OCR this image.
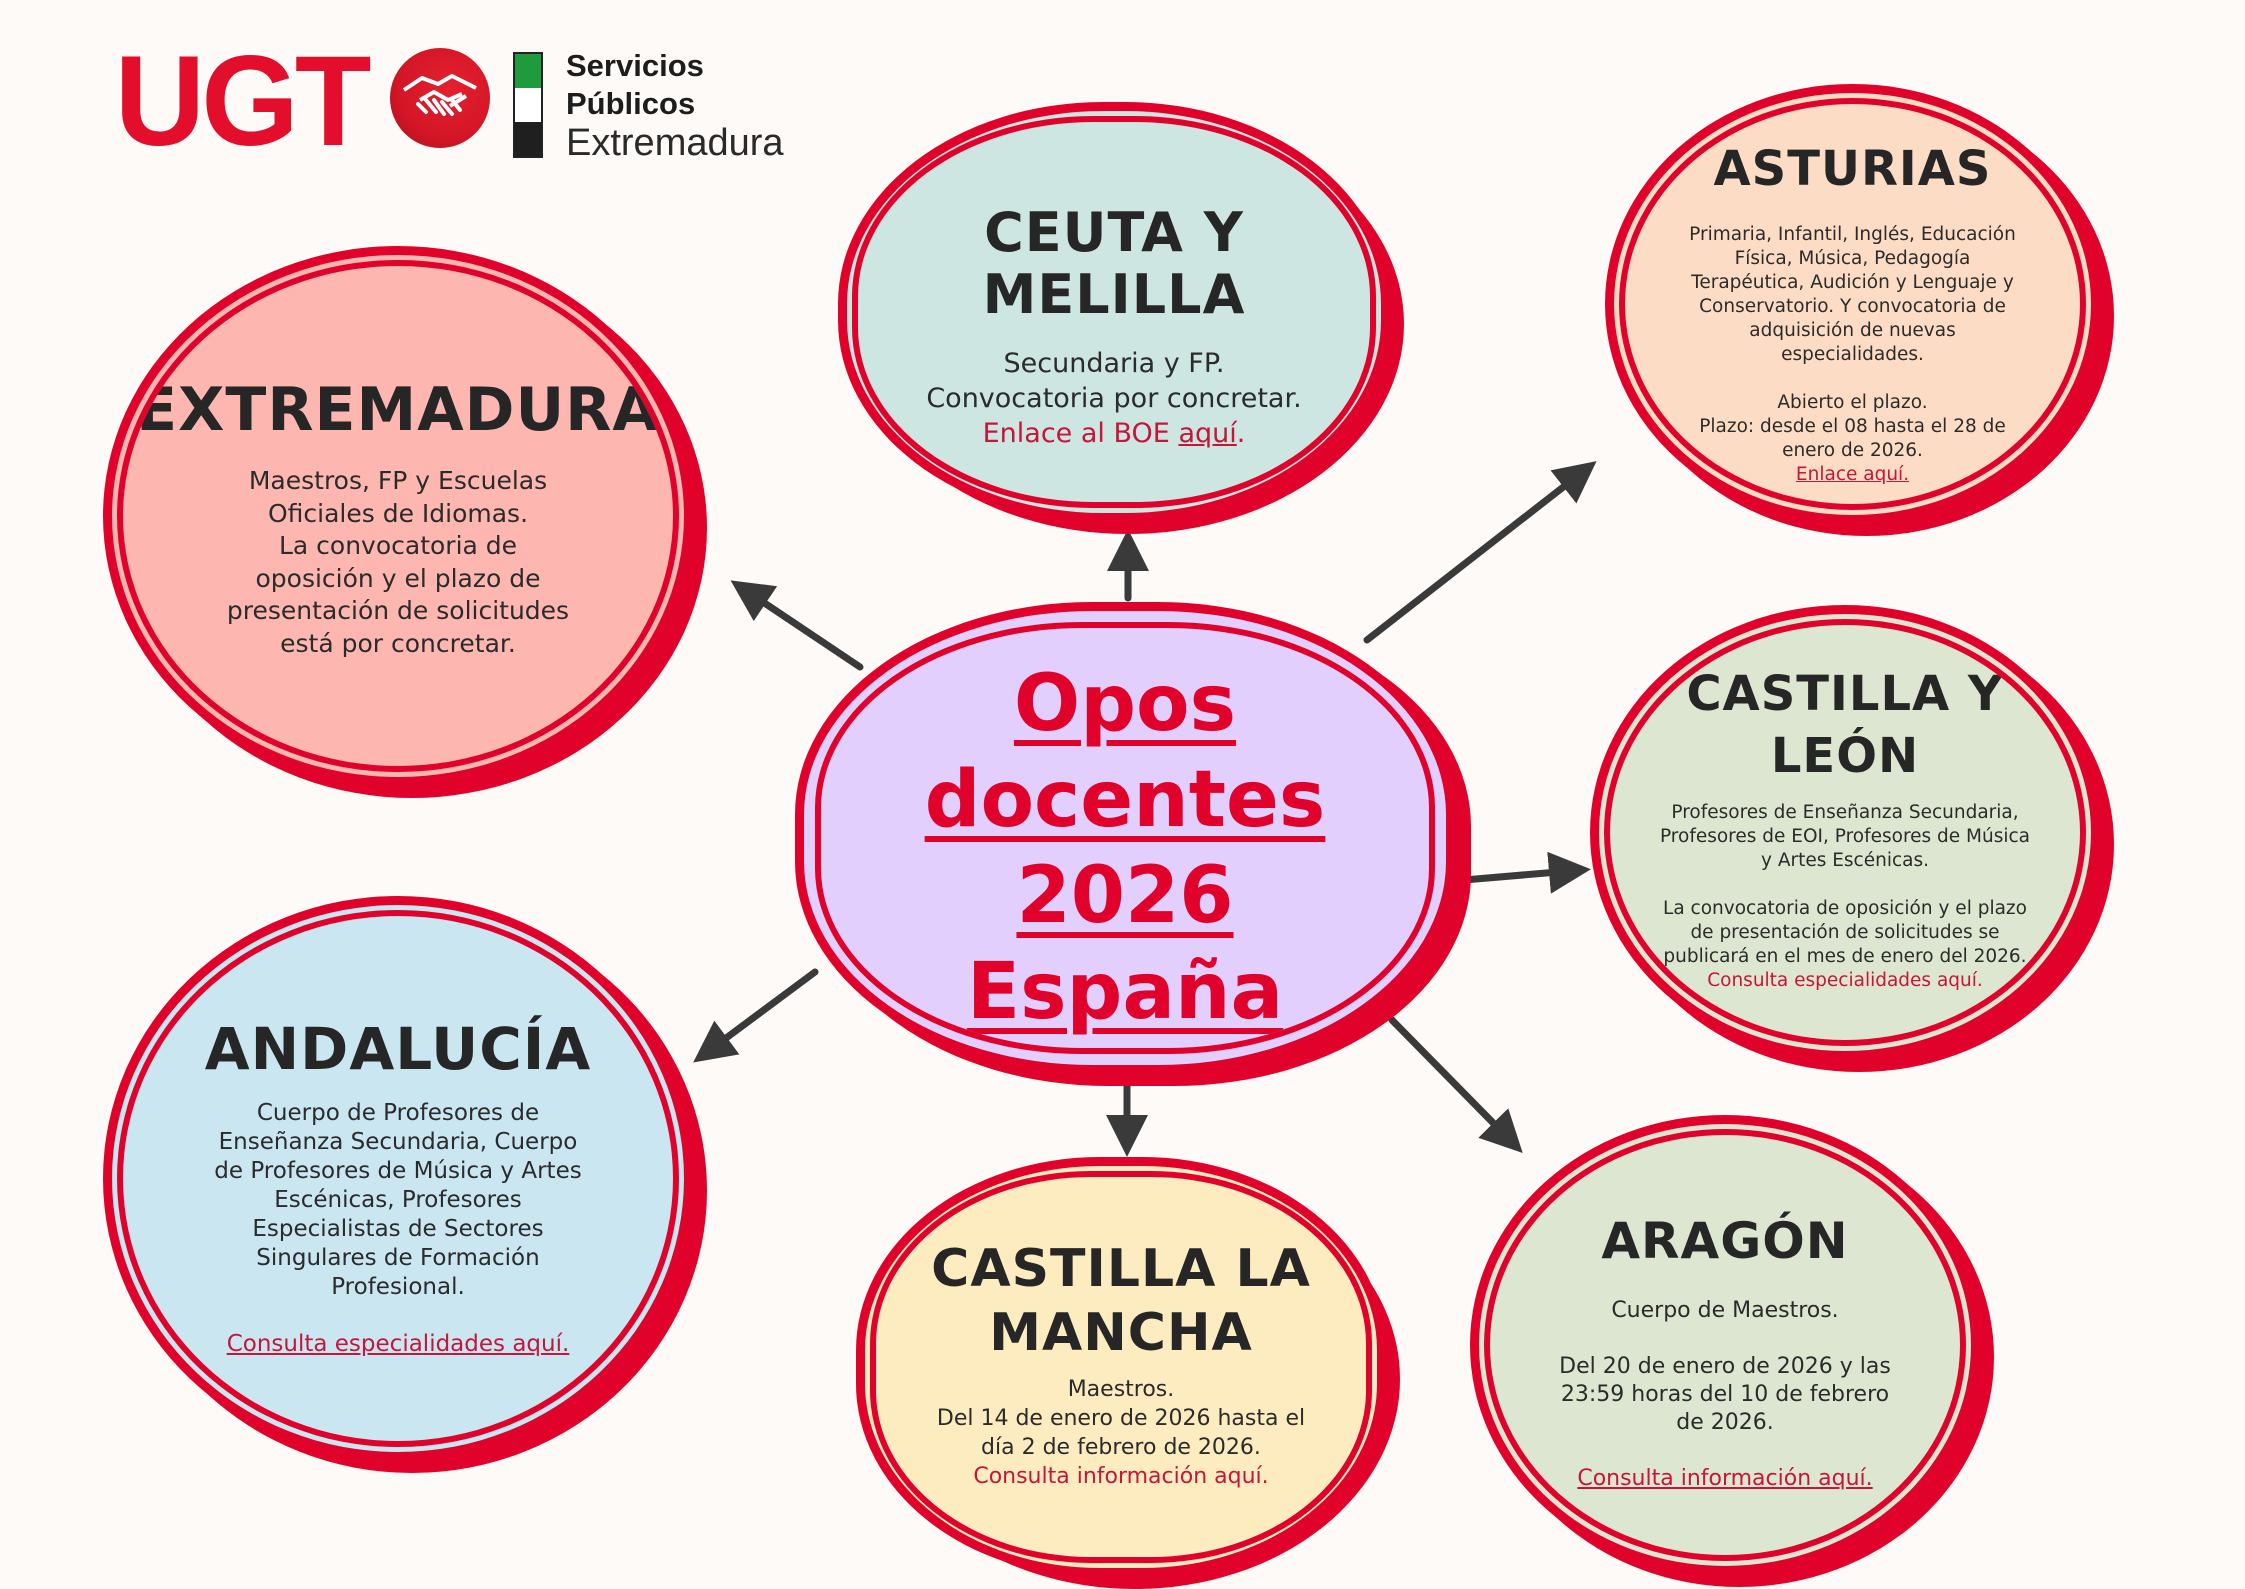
UGT	Servicios
Públicos
Extremadura
CEUTA Y MELILLA

Secundaria y FP.

Convocatoria por concretar.

Enlace al BOE aquí.

ASTURIAS

Primaria, Infantil, Inglés, Educación Física, Música, Pedagogía Terapéutica, Audición y Lenguaje y Conservatorio. Y convocatoria de adquisición de nuevas especialidades.

Abierto el plazo.

Plazo: desde el 08 hasta el 28 de enero de 2026.

Enlace aquí.

EXTREMADURA

Maestros, FP y Escuelas

Oficiales de Idiomas.

La convocatoria de

oposición y el plazo de

presentación de solicitudes

está por concretar.

Opos
docentes
2026
España
CASTILLA Y
LEÓN

Profesores de Enseñanza Secundaria, Profesores de EOI, Profesores de Música y Artes Escénicas.

La convocatoria de oposición y el plazo de presentación de solicitudes se publicará en el mes de enero del 2026.

Consulta especialidades aquí.

ANDALUCÍA

Cuerpo de Profesores de Enseñanza Secundaria, Cuerpo de Profesores de Música y Artes Escénicas, Profesores Especialistas de Sectores Singulares de Formación Profesional.

Consulta especialidades aquí.

CASTILLA LA
MANCHA

Maestros.

Del 14 de enero de 2026 hasta el

día 2 de febrero de 2026.

Consulta información aquí.

ARAGÓN

Cuerpo de Maestros.

Del 20 de enero de 2026 y las 23:59 horas del 10 de febrero de 2026.

Consulta información aquí.
